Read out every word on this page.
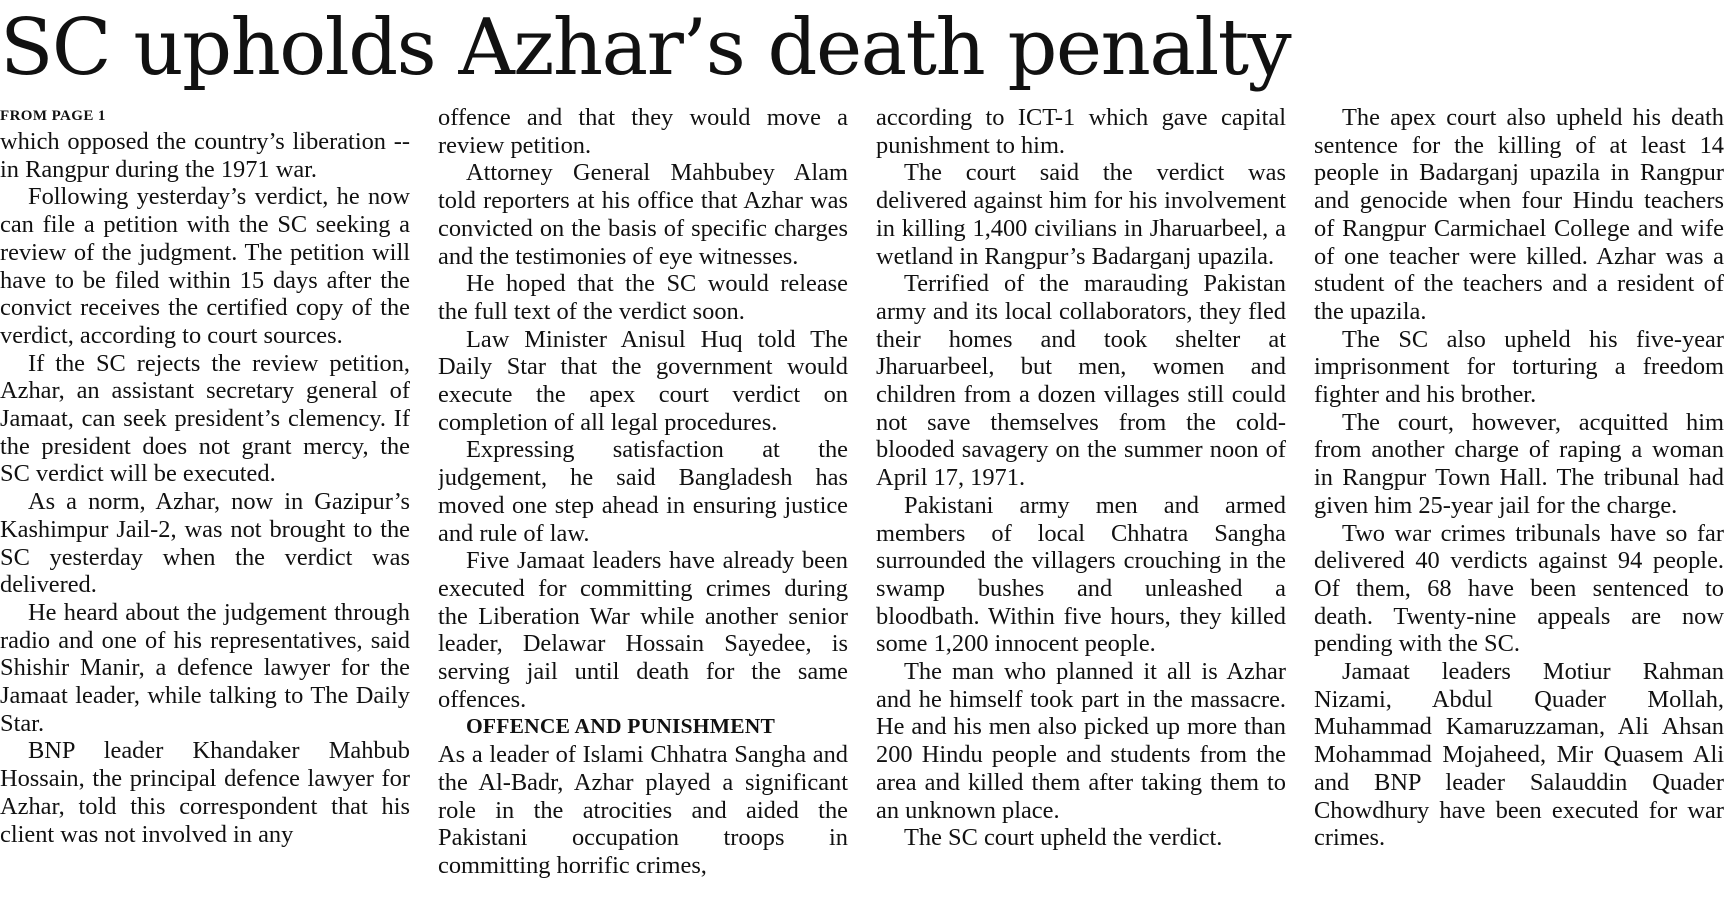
SC upholds Azhar’s death penalty
FROM PAGE 1

which opposed the country’s liberation -- in Rangpur during the 1971 war.

Following yesterday’s verdict, he now can file a petition with the SC seeking a review of the judgment. The petition will have to be filed within 15 days after the convict receives the certified copy of the verdict, according to court sources.

If the SC rejects the review petition, Azhar, an assistant secretary general of Jamaat, can seek president’s clemency. If the president does not grant mercy, the SC verdict will be executed.

As a norm, Azhar, now in Gazipur’s Kashimpur Jail-2, was not brought to the SC yesterday when the verdict was delivered.

He heard about the judgement through radio and one of his representatives, said Shishir Manir, a defence lawyer for the Jamaat leader, while talking to The Daily Star.

BNP leader Khandaker Mahbub Hossain, the principal defence lawyer for Azhar, told this correspondent that his client was not involved in any

offence and that they would move a review petition.

Attorney General Mahbubey Alam told reporters at his office that Azhar was convicted on the basis of specific charges and the testimonies of eye witnesses.

He hoped that the SC would release the full text of the verdict soon.

Law Minister Anisul Huq told The Daily Star that the government would execute the apex court verdict on completion of all legal procedures.

Expressing satisfaction at the judgement, he said Bangladesh has moved one step ahead in ensuring justice and rule of law.

Five Jamaat leaders have already been executed for committing crimes during the Liberation War while another senior leader, Delawar Hossain Sayedee, is serving jail until death for the same offences.

OFFENCE AND PUNISHMENT

As a leader of Islami Chhatra Sangha and the Al-Badr, Azhar played a significant role in the atrocities and aided the Pakistani occupation troops in committing horrific crimes,

according to ICT-1 which gave capital punishment to him.

The court said the verdict was delivered against him for his involvement in killing 1,400 civilians in Jharuarbeel, a wetland in Rangpur’s Badarganj upazila.

Terrified of the marauding Pakistan army and its local collaborators, they fled their homes and took shelter at Jharuarbeel, but men, women and children from a dozen villages still could not save themselves from the cold-blooded savagery on the summer noon of April 17, 1971.

Pakistani army men and armed members of local Chhatra Sangha surrounded the villagers crouching in the swamp bushes and unleashed a bloodbath. Within five hours, they killed some 1,200 innocent people.

The man who planned it all is Azhar and he himself took part in the massacre. He and his men also picked up more than 200 Hindu people and students from the area and killed them after taking them to an unknown place.

The SC court upheld the verdict.

The apex court also upheld his death sentence for the killing of at least 14 people in Badarganj upazila in Rangpur and genocide when four Hindu teachers of Rangpur Carmichael College and wife of one teacher were killed. Azhar was a student of the teachers and a resident of the upazila.

The SC also upheld his five-year imprisonment for torturing a freedom fighter and his brother.

The court, however, acquitted him from another charge of raping a woman in Rangpur Town Hall. The tribunal had given him 25-year jail for the charge.

Two war crimes tribunals have so far delivered 40 verdicts against 94 people. Of them, 68 have been sentenced to death. Twenty-nine appeals are now pending with the SC.

Jamaat leaders Motiur Rahman Nizami, Abdul Quader Mollah, Muhammad Kamaruzzaman, Ali Ahsan Mohammad Mojaheed, Mir Quasem Ali and BNP leader Salauddin Quader Chowdhury have been executed for war crimes.
